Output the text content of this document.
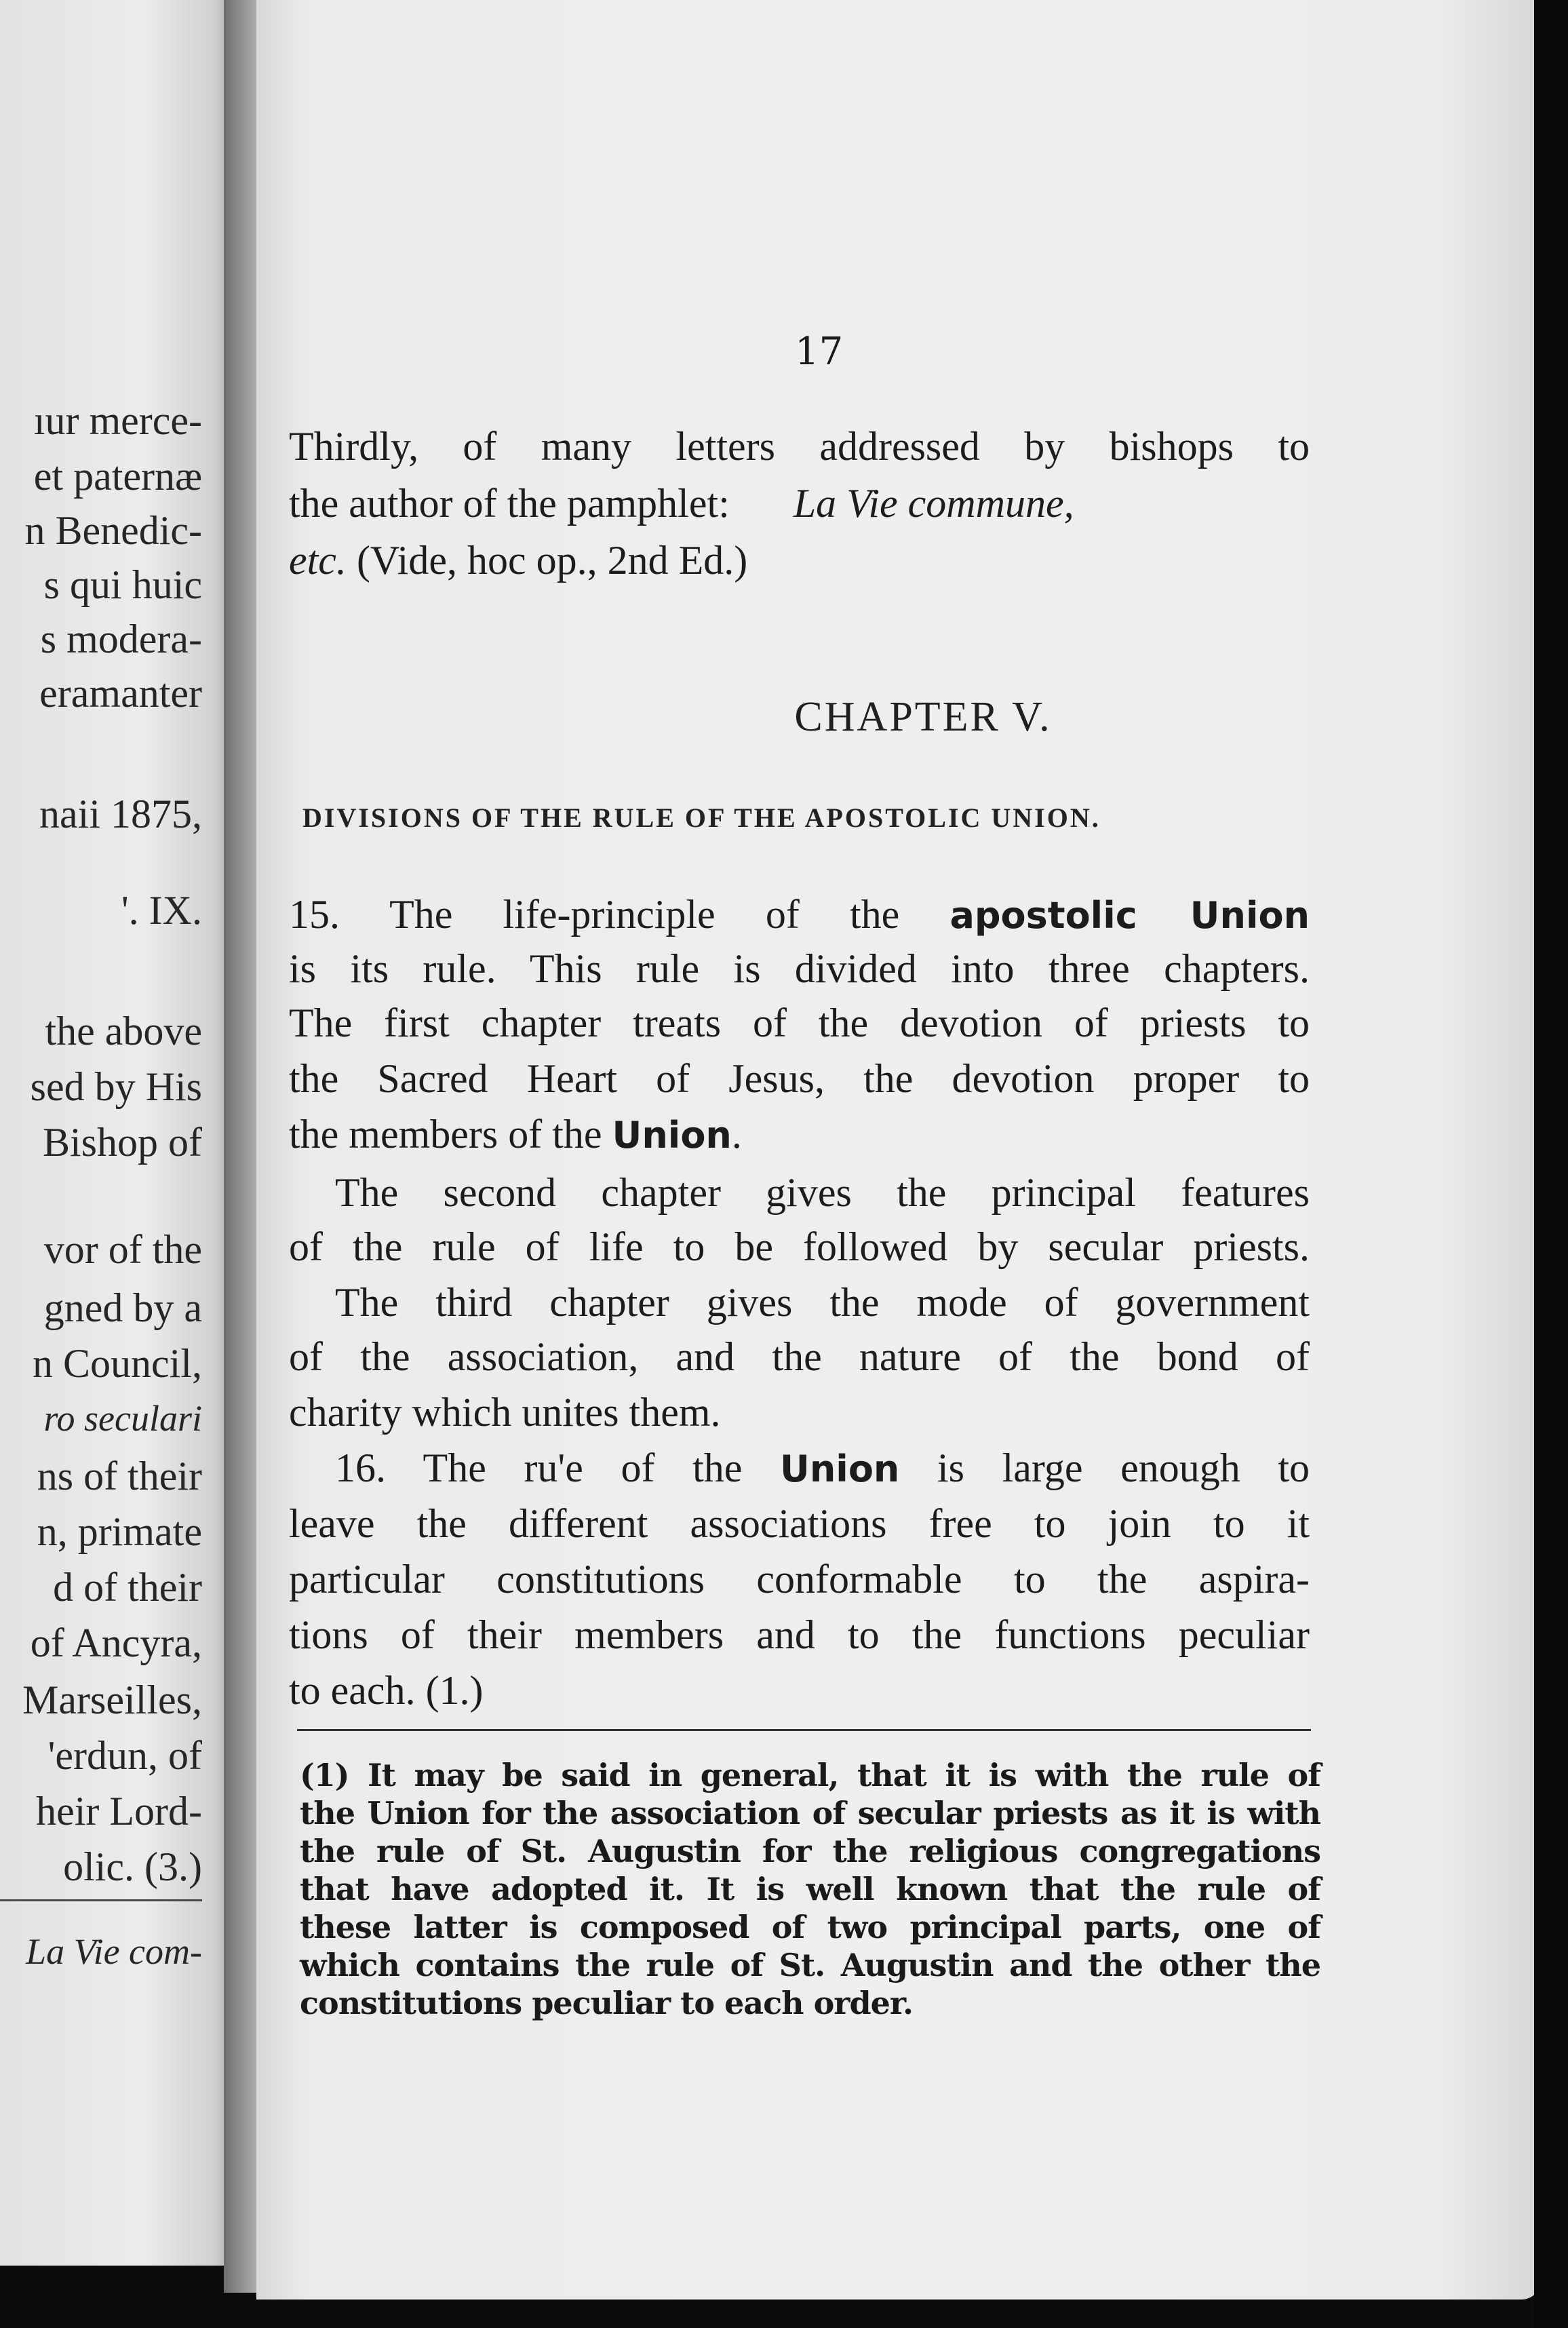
ıur merce-
et paternæ
n Benedic-
s qui huic
s modera-
eramanter
naii 1875,
'. IX.
the above
sed by His
Bishop of
vor of the
gned by a
n Council,
ro seculari
ns of their
n, primate
d of their
of Ancyra,
Marseilles,
'erdun, of
heir Lord-
olic. (3.)
La Vie com-
17
Thirdly, of many letters addressed by bishops to
the author of the pamphlet: La Vie commune,
etc. (Vide, hoc op., 2nd Ed.)
CHAPTER V.
DIVISIONS OF THE RULE OF THE APOSTOLIC UNION.
15. The life-principle of the apostolic Union
is its rule. This rule is divided into three chapters.
The first chapter treats of the devotion of priests to
the Sacred Heart of Jesus, the devotion proper to
the members of the Union.
The second chapter gives the principal features
of the rule of life to be followed by secular priests.
The third chapter gives the mode of government
of the association, and the nature of the bond of
charity which unites them.
16. The ru'e of the Union is large enough to
leave the different associations free to join to it
particular constitutions conformable to the aspira-
tions of their members and to the functions peculiar
to each. (1.)
(1) It may be said in general, that it is with the rule of
the Union for the association of secular priests as it is with
the rule of St. Augustin for the religious congregations
that have adopted it. It is well known that the rule of
these latter is composed of two principal parts, one of
which contains the rule of St. Augustin and the other the
constitutions peculiar to each order.
